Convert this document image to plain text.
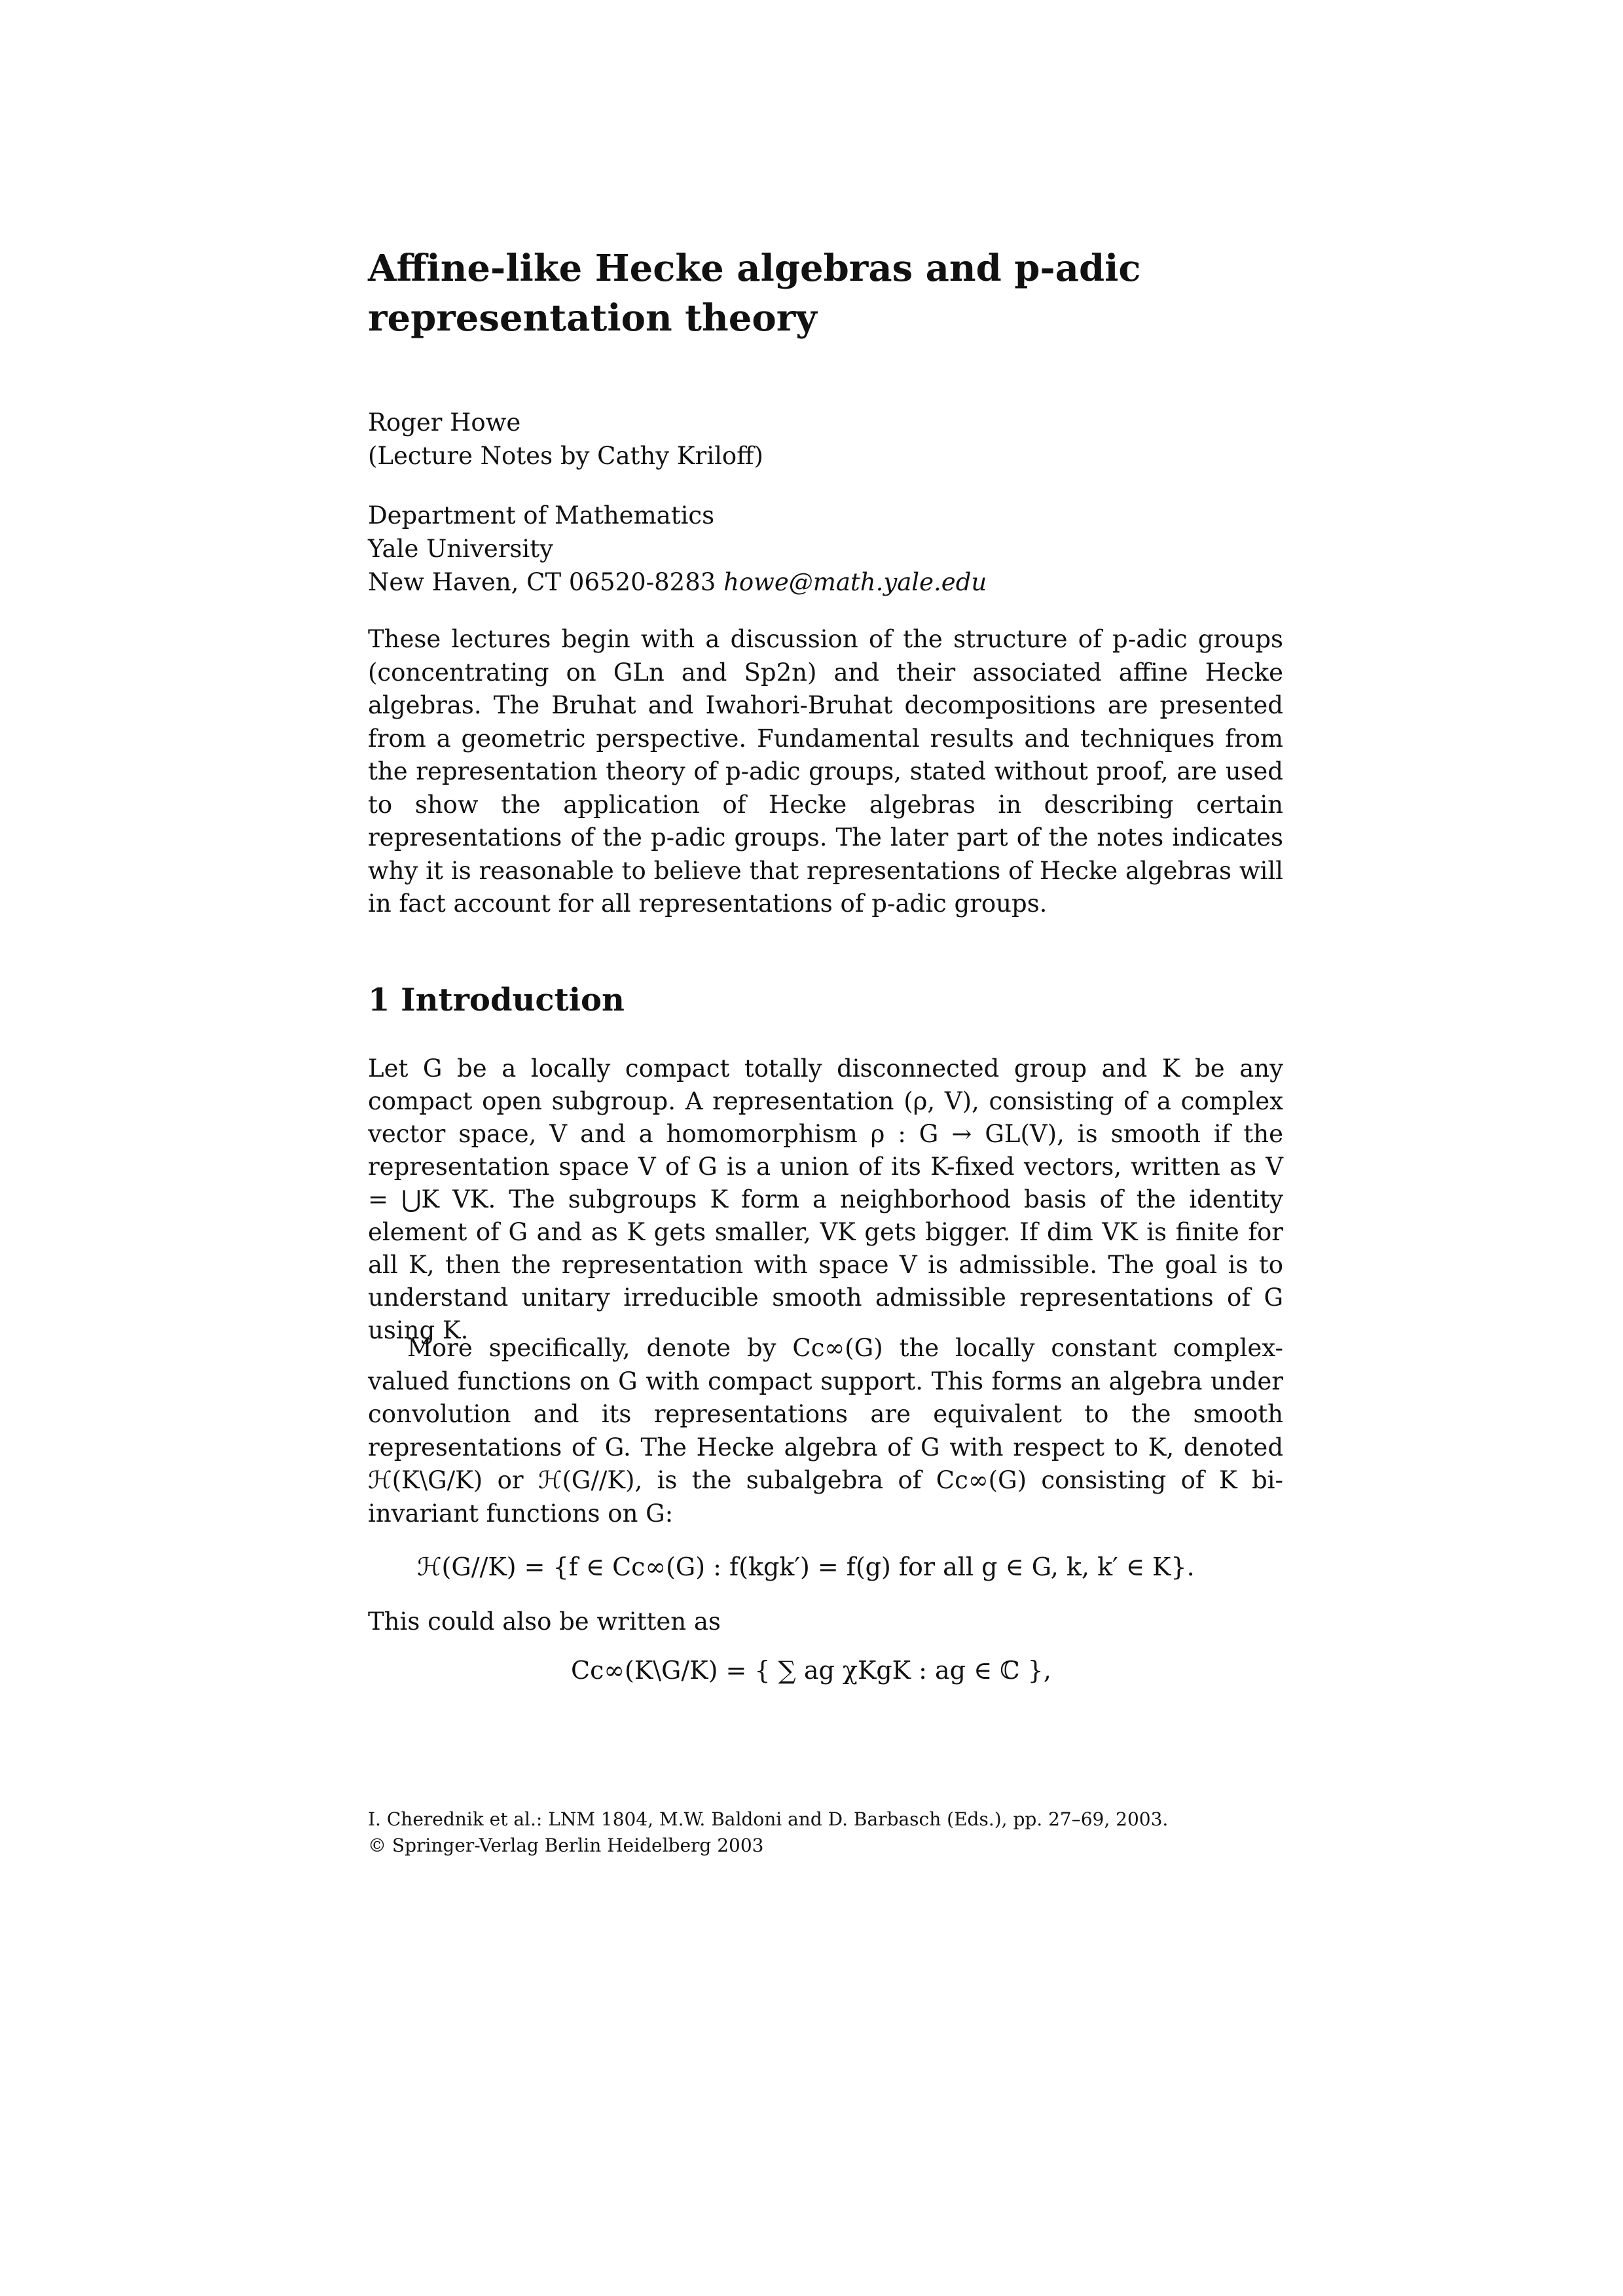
Affine-like Hecke algebras and p-adic
representation theory
Roger Howe
(Lecture Notes by Cathy Kriloff)
Department of Mathematics
Yale University
New Haven, CT 06520-8283 howe@math.yale.edu
These lectures begin with a discussion of the structure of p-adic groups (concentrating on GLn and Sp2n) and their associated affine Hecke algebras. The Bruhat and Iwahori-Bruhat decompositions are presented from a geometric perspective. Fundamental results and techniques from the representation theory of p-adic groups, stated without proof, are used to show the application of Hecke algebras in describing certain representations of the p-adic groups. The later part of the notes indicates why it is reasonable to believe that representations of Hecke algebras will in fact account for all representations of p-adic groups.
1 Introduction
Let G be a locally compact totally disconnected group and K be any compact open subgroup. A representation (ρ, V), consisting of a complex vector space, V and a homomorphism ρ : G → GL(V), is smooth if the representation space V of G is a union of its K-fixed vectors, written as V = ⋃K VK. The subgroups K form a neighborhood basis of the identity element of G and as K gets smaller, VK gets bigger. If dim VK is finite for all K, then the representation with space V is admissible. The goal is to understand unitary irreducible smooth admissible representations of G using K.
More specifically, denote by Cc∞(G) the locally constant complex-valued functions on G with compact support. This forms an algebra under convolution and its representations are equivalent to the smooth representations of G. The Hecke algebra of G with respect to K, denoted ℋ(K\G/K) or ℋ(G//K), is the subalgebra of Cc∞(G) consisting of K bi-invariant functions on G:
ℋ(G//K) = {f ∈ Cc∞(G) : f(kgk′) = f(g) for all g ∈ G, k, k′ ∈ K}.
This could also be written as
Cc∞(K\G/K) = { ∑ ag χKgK : ag ∈ ℂ },
I. Cherednik et al.: LNM 1804, M.W. Baldoni and D. Barbasch (Eds.), pp. 27–69, 2003.
© Springer-Verlag Berlin Heidelberg 2003
